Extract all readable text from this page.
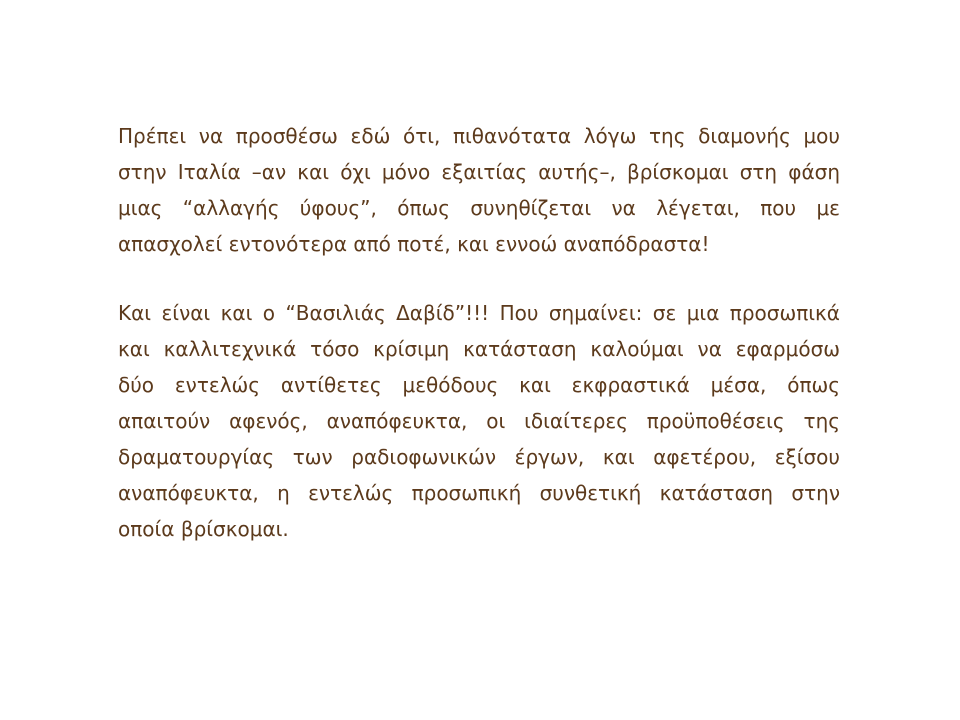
Πρέπει να προσθέσω εδώ ότι, πιθανότατα λόγω της διαμονής μου
στην Ιταλία –αν και όχι μόνο εξαιτίας αυτής–, βρίσκομαι στη φάση
μιας “αλλαγής ύφους”, όπως συνηθίζεται να λέγεται, που με
απασχολεί εντονότερα από ποτέ, και εννοώ αναπόδραστα!
Και είναι και ο “Βασιλιάς Δαβίδ”!!! Που σημαίνει: σε μια προσωπικά
και καλλιτεχνικά τόσο κρίσιμη κατάσταση καλούμαι να εφαρμόσω
δύο εντελώς αντίθετες μεθόδους και εκφραστικά μέσα, όπως
απαιτούν αφενός, αναπόφευκτα, οι ιδιαίτερες προϋποθέσεις της
δραματουργίας των ραδιοφωνικών έργων, και αφετέρου, εξίσου
αναπόφευκτα, η εντελώς προσωπική συνθετική κατάσταση στην
οποία βρίσκομαι.
